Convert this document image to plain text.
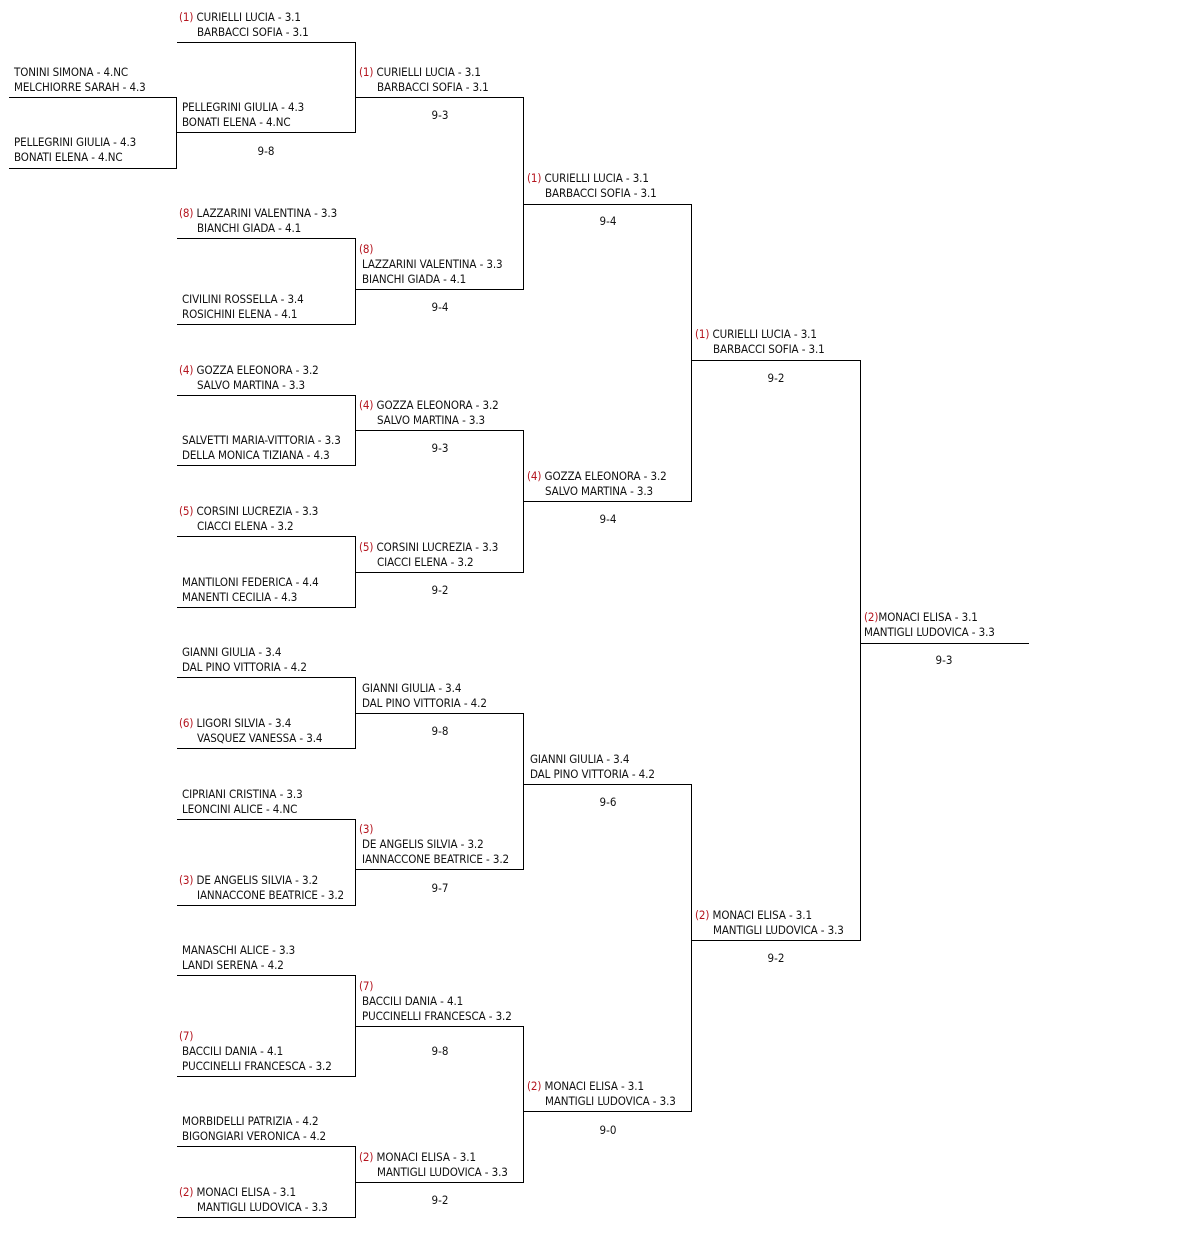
TONINI SIMONA - 4.NC
MELCHIORRE SARAH - 4.3
PELLEGRINI GIULIA - 4.3
BONATI ELENA - 4.NC
(1) CURIELLI LUCIA - 3.1
BARBACCI SOFIA - 3.1
PELLEGRINI GIULIA - 4.3
BONATI ELENA - 4.NC
9-8
(8) LAZZARINI VALENTINA - 3.3
BIANCHI GIADA - 4.1
CIVILINI ROSSELLA - 3.4
ROSICHINI ELENA - 4.1
(4) GOZZA ELEONORA - 3.2
SALVO MARTINA - 3.3
SALVETTI MARIA-VITTORIA - 3.3
DELLA MONICA TIZIANA - 4.3
(5) CORSINI LUCREZIA - 3.3
CIACCI ELENA - 3.2
MANTILONI FEDERICA - 4.4
MANENTI CECILIA - 4.3
GIANNI GIULIA - 3.4
DAL PINO VITTORIA - 4.2
(6) LIGORI SILVIA - 3.4
VASQUEZ VANESSA - 3.4
CIPRIANI CRISTINA - 3.3
LEONCINI ALICE - 4.NC
(3) DE ANGELIS SILVIA - 3.2
IANNACCONE BEATRICE - 3.2
MANASCHI ALICE - 3.3
LANDI SERENA - 4.2
(7)
BACCILI DANIA - 4.1
PUCCINELLI FRANCESCA - 3.2
MORBIDELLI PATRIZIA - 4.2
BIGONGIARI VERONICA - 4.2
(2) MONACI ELISA - 3.1
MANTIGLI LUDOVICA - 3.3
(1) CURIELLI LUCIA - 3.1
BARBACCI SOFIA - 3.1
9-3
(8)
LAZZARINI VALENTINA - 3.3
BIANCHI GIADA - 4.1
9-4
(4) GOZZA ELEONORA - 3.2
SALVO MARTINA - 3.3
9-3
(5) CORSINI LUCREZIA - 3.3
CIACCI ELENA - 3.2
9-2
GIANNI GIULIA - 3.4
DAL PINO VITTORIA - 4.2
9-8
(3)
DE ANGELIS SILVIA - 3.2
IANNACCONE BEATRICE - 3.2
9-7
(7)
BACCILI DANIA - 4.1
PUCCINELLI FRANCESCA - 3.2
9-8
(2) MONACI ELISA - 3.1
MANTIGLI LUDOVICA - 3.3
9-2
(1) CURIELLI LUCIA - 3.1
BARBACCI SOFIA - 3.1
9-4
(4) GOZZA ELEONORA - 3.2
SALVO MARTINA - 3.3
9-4
GIANNI GIULIA - 3.4
DAL PINO VITTORIA - 4.2
9-6
(2) MONACI ELISA - 3.1
MANTIGLI LUDOVICA - 3.3
9-0
(1) CURIELLI LUCIA - 3.1
BARBACCI SOFIA - 3.1
9-2
(2) MONACI ELISA - 3.1
MANTIGLI LUDOVICA - 3.3
9-2
(2)MONACI ELISA - 3.1
MANTIGLI LUDOVICA - 3.3
9-3
